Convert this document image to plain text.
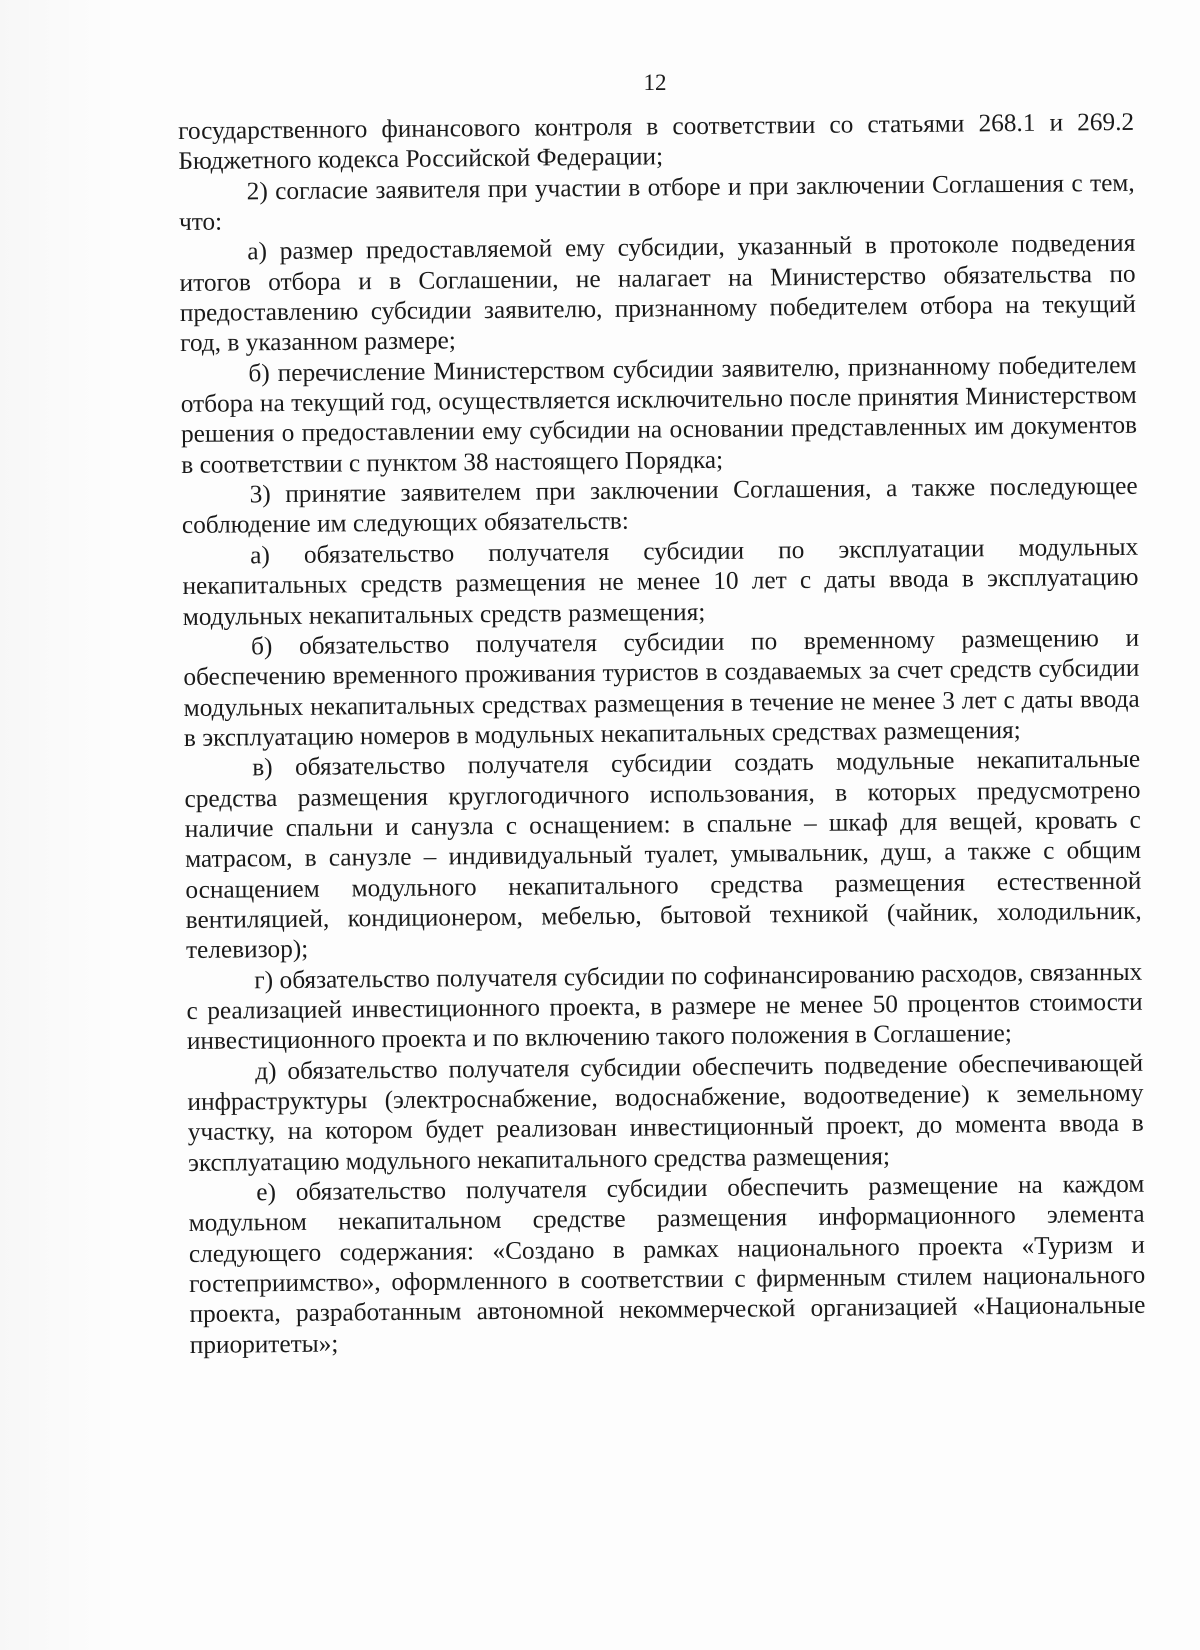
12

государственного финансового контроля в соответствии со статьями 268.1 и 269.2 Бюджетного кодекса Российской Федерации;

2) согласие заявителя при участии в отборе и при заключении Соглашения с тем, что:

а) размер предоставляемой ему субсидии, указанный в протоколе подведения итогов отбора и в Соглашении, не налагает на Министерство обязательства по предоставлению субсидии заявителю, признанному победителем отбора на текущий год, в указанном размере;

б) перечисление Министерством субсидии заявителю, признанному победителем отбора на текущий год, осуществляется исключительно после принятия Министерством решения о предоставлении ему субсидии на основании представленных им документов в соответствии с пунктом 38 настоящего Порядка;

3) принятие заявителем при заключении Соглашения, а также последующее соблюдение им следующих обязательств:

а) обязательство получателя субсидии по эксплуатации модульных некапитальных средств размещения не менее 10 лет с даты ввода в эксплуатацию модульных некапитальных средств размещения;

б) обязательство получателя субсидии по временному размещению и обеспечению временного проживания туристов в создаваемых за счет средств субсидии модульных некапитальных средствах размещения в течение не менее 3 лет с даты ввода в эксплуатацию номеров в модульных некапитальных средствах размещения;

в) обязательство получателя субсидии создать модульные некапитальные средства размещения круглогодичного использования, в которых предусмотрено наличие спальни и санузла с оснащением: в спальне – шкаф для вещей, кровать с матрасом, в санузле – индивидуальный туалет, умывальник, душ, а также с общим оснащением модульного некапитального средства размещения естественной вентиляцией, кондиционером, мебелью, бытовой техникой (чайник, холодильник, телевизор);

г) обязательство получателя субсидии по софинансированию расходов, связанных с реализацией инвестиционного проекта, в размере не менее 50 процентов стоимости инвестиционного проекта и по включению такого положения в Соглашение;

д) обязательство получателя субсидии обеспечить подведение обеспечивающей инфраструктуры (электроснабжение, водоснабжение, водоотведение) к земельному участку, на котором будет реализован инвестиционный проект, до момента ввода в эксплуатацию модульного некапитального средства размещения;

е) обязательство получателя субсидии обеспечить размещение на каждом модульном некапитальном средстве размещения информационного элемента следующего содержания: «Создано в рамках национального проекта «Туризм и гостеприимство», оформленного в соответствии с фирменным стилем национального проекта, разработанным автономной некоммерческой организацией «Национальные приоритеты»;
